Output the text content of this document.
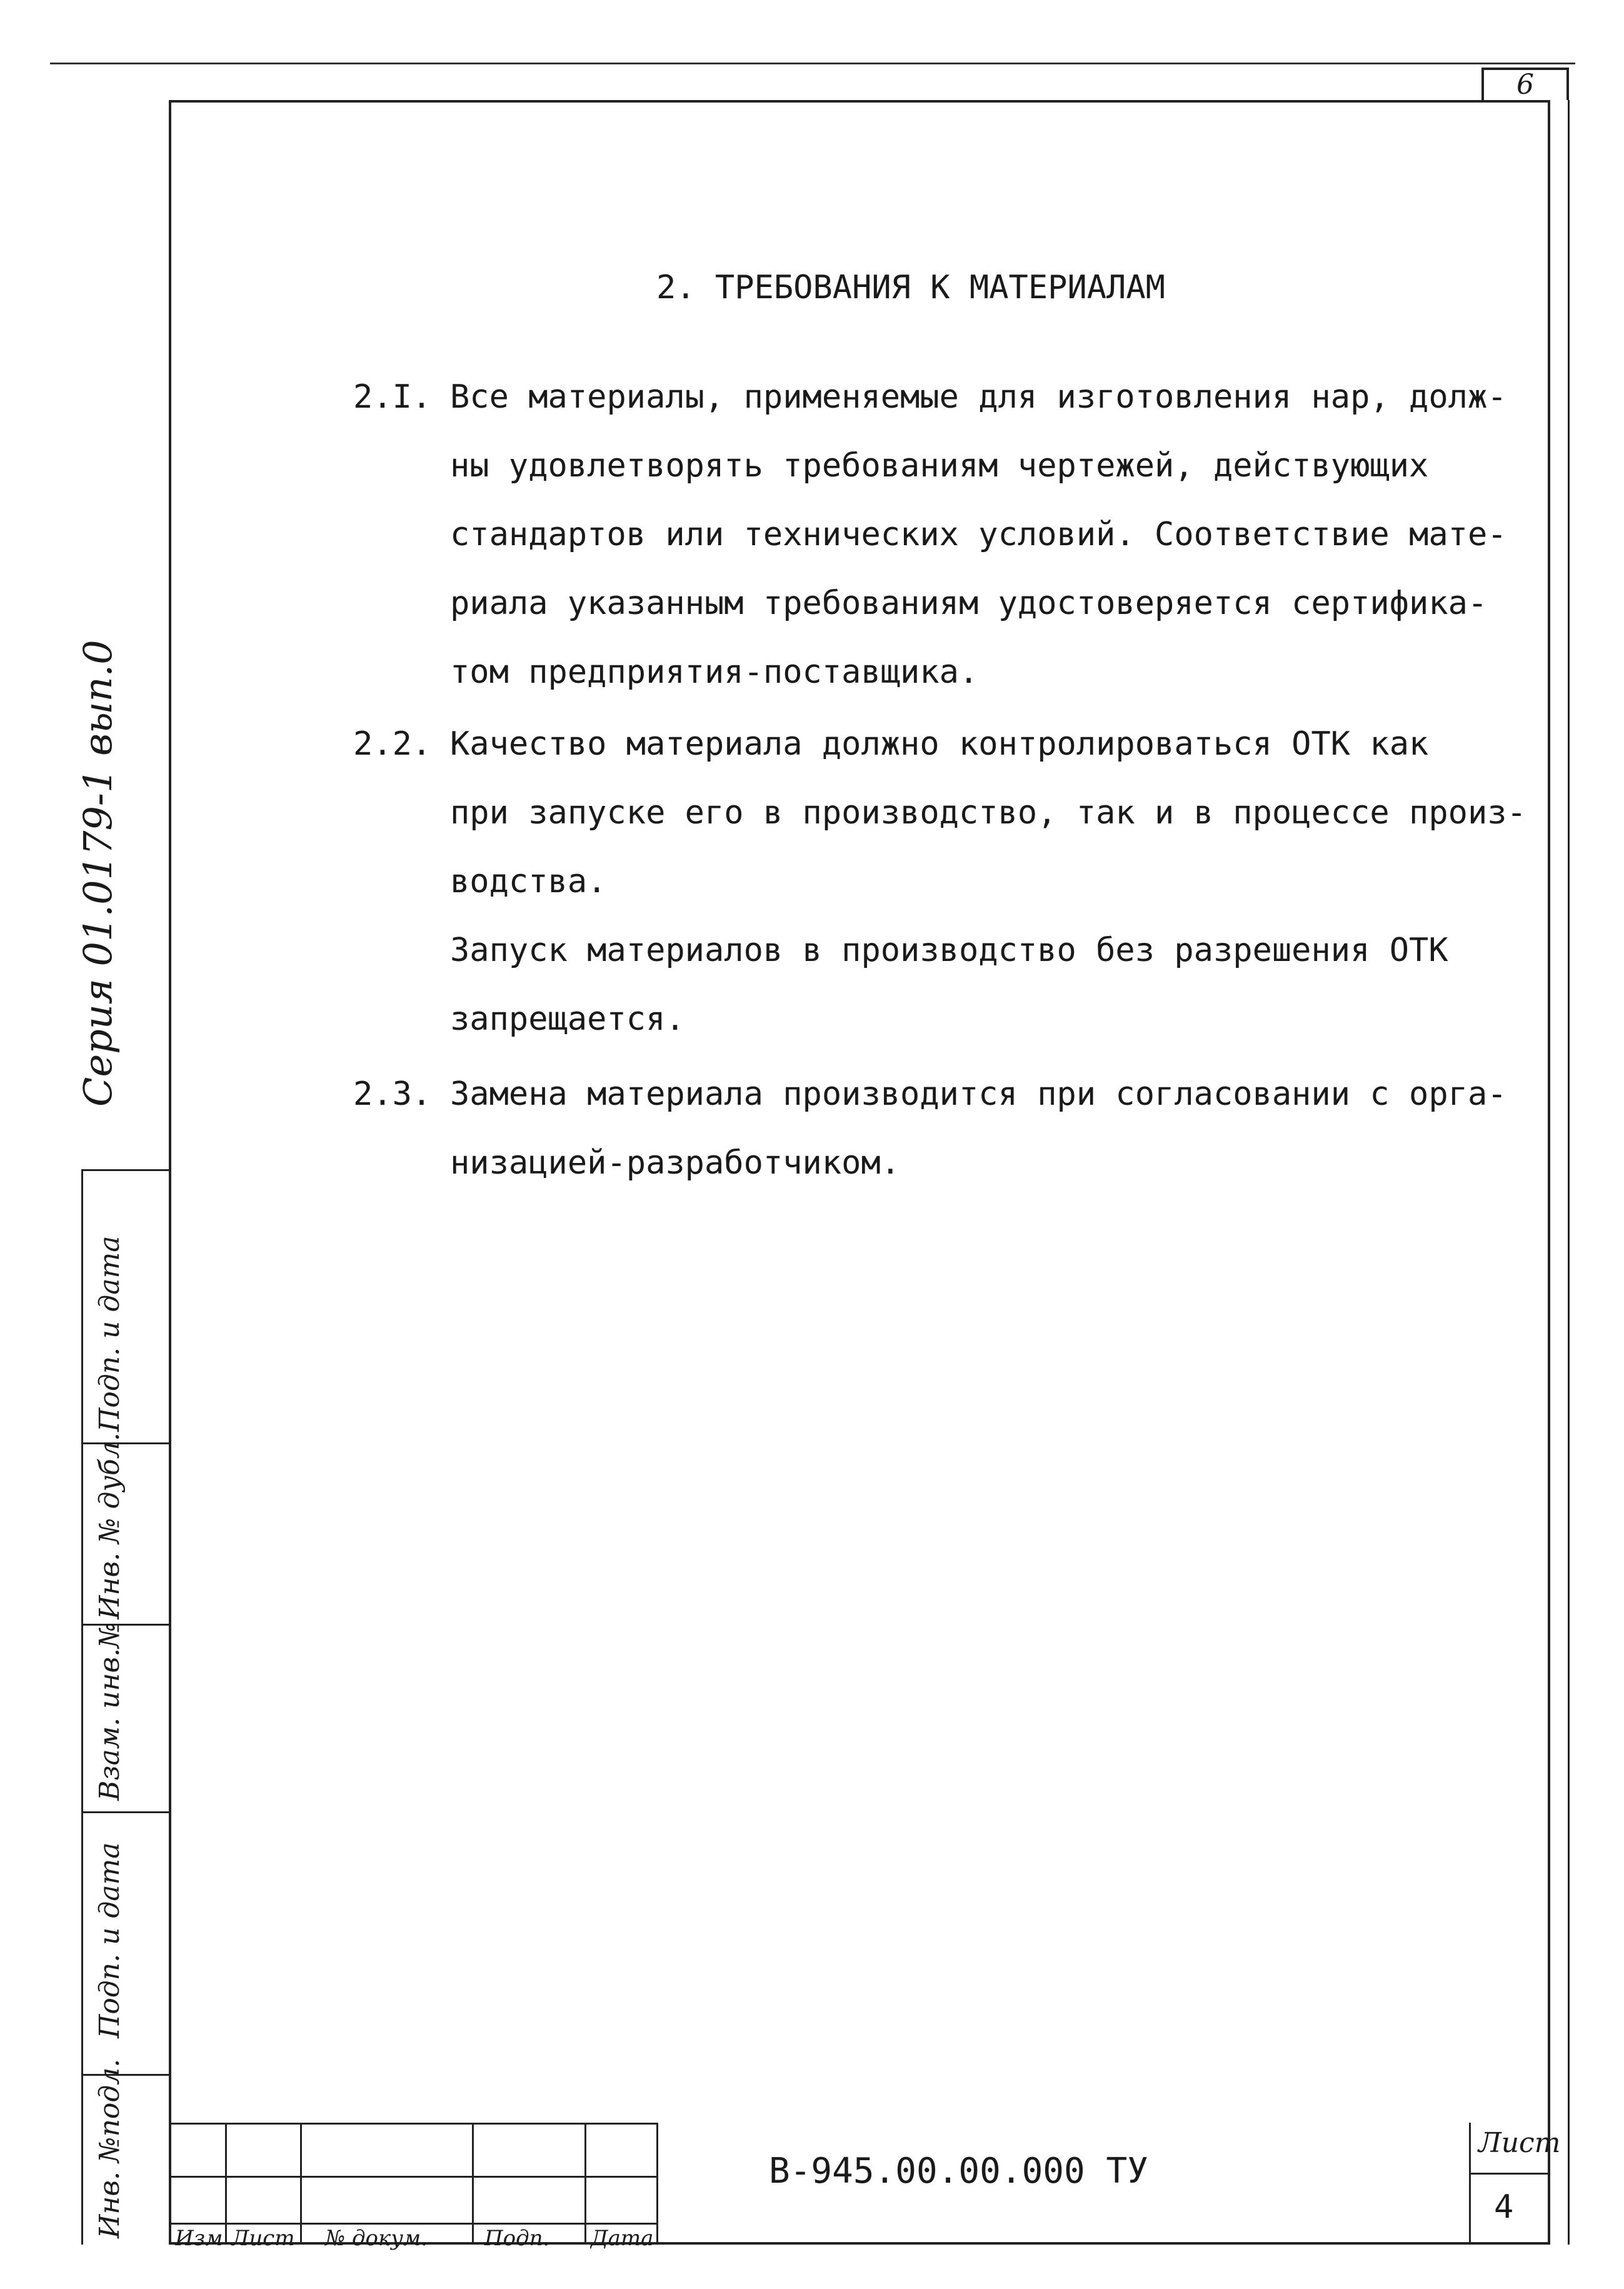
6
2. ТРЕБОВАНИЯ К МАТЕРИАЛАМ
2.I. Все материалы, применяемые для изготовления нар, долж-
ны удовлетворять требованиям чертежей, действующих
стандартов или технических условий. Соответствие мате-
риала указанным требованиям удостоверяется сертифика-
том предприятия-поставщика.
2.2. Качество материала должно контролироваться ОТК как
при запуске его в производство, так и в процессе произ-
водства.
Запуск материалов в производство без разрешения ОТК
запрещается.
2.3. Замена материала производится при согласовании с орга-
низацией-разработчиком.
Серия 01.0179-1 вып.0
Инв. №подл.
Подп. и дата
Взам. инв.№
Инв. № дубл.
Подп. и дата
Изм Лист № докум.	Подп. Дата
В-945.00.00.000 ТУ
Лист
4
